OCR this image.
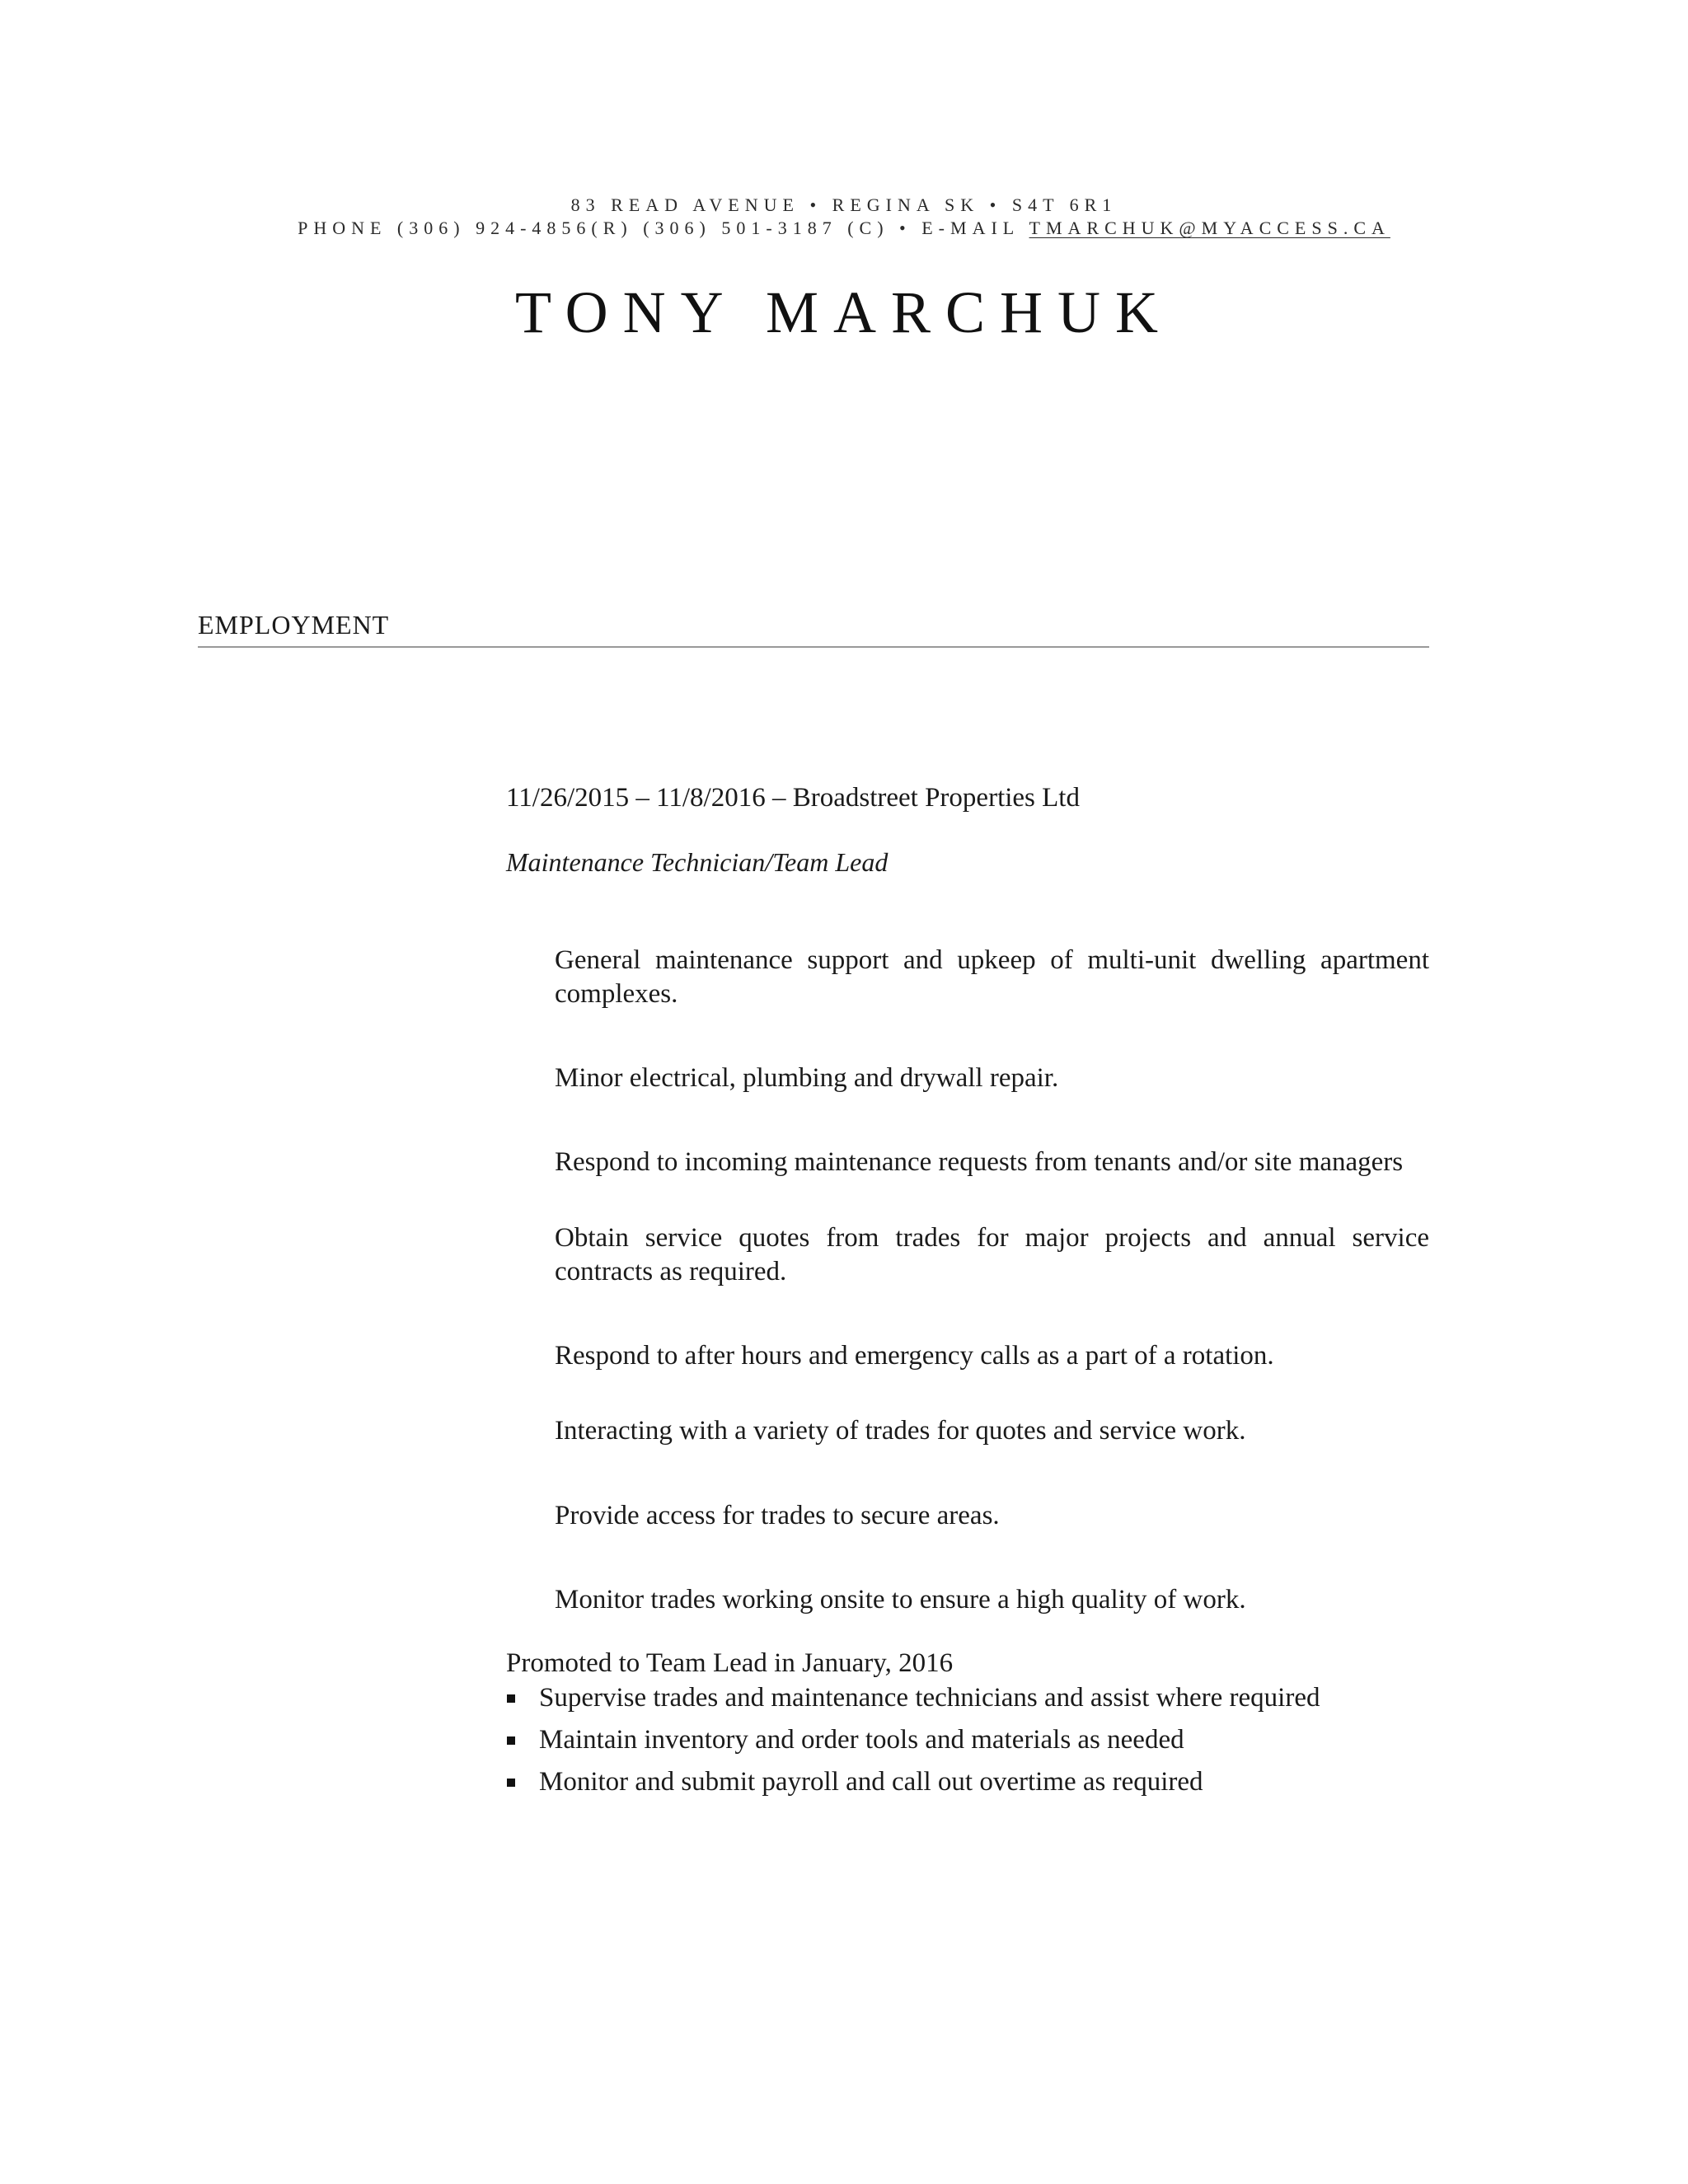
83 READ AVENUE • REGINA SK • S4T 6R1
PHONE (306) 924-4856(R) (306) 501-3187 (C) • E-MAIL TMARCHUK@MYACCESS.CA
TONY MARCHUK
EMPLOYMENT
11/26/2015 – 11/8/2016 – Broadstreet Properties Ltd
Maintenance Technician/Team Lead
General maintenance support and upkeep of multi-unit dwelling apartment complexes.
Minor electrical, plumbing and drywall repair.
Respond to incoming maintenance requests from tenants and/or site managers
Obtain service quotes from trades for major projects and annual service contracts as required.
Respond to after hours and emergency calls as a part of a rotation.
Interacting with a variety of trades for quotes and service work.
Provide access for trades to secure areas.
Monitor trades working onsite to ensure a high quality of work.
Promoted to Team Lead in January, 2016
Supervise trades and maintenance technicians and assist where required
Maintain inventory and order tools and materials as needed
Monitor and submit payroll and call out overtime as required
